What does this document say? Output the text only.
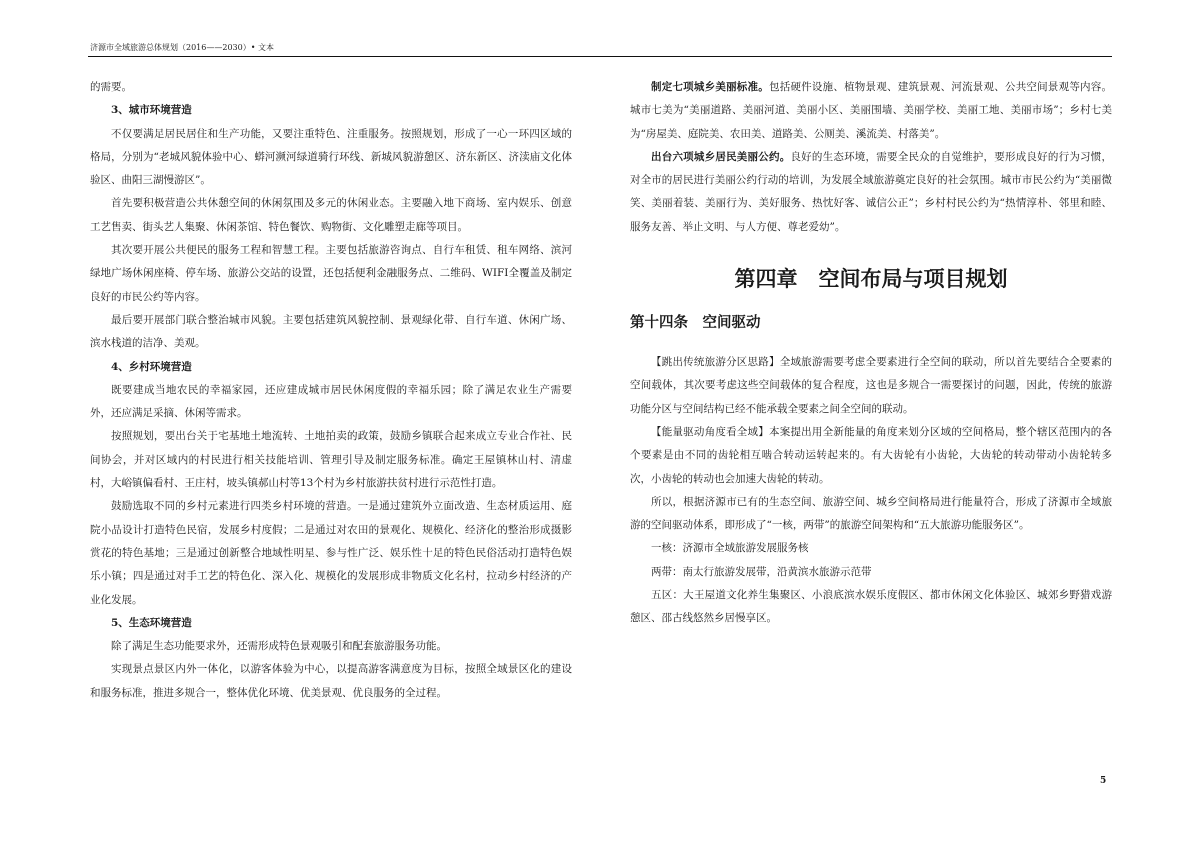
济源市全域旅游总体规划（2016——2030）• 文本

的需要。

3、城市环境营造

不仅要满足居民居住和生产功能，又要注重特色、注重服务。按照规划，形成了一心一环四区域的格局，分别为“老城风貌体验中心、蟒河濒河绿道骑行环线、新城风貌游憩区、济东新区、济渎庙文化体验区、曲阳三湖慢游区”。

首先要积极营造公共休憩空间的休闲氛围及多元的休闲业态。主要融入地下商场、室内娱乐、创意工艺售卖、街头艺人集聚、休闲茶馆、特色餐饮、购物街、文化雕塑走廊等项目。

其次要开展公共便民的服务工程和智慧工程。主要包括旅游咨询点、自行车租赁、租车网络、滨河绿地广场休闲座椅、停车场、旅游公交站的设置，还包括便利金融服务点、二维码、WIFI全覆盖及制定良好的市民公约等内容。

最后要开展部门联合整治城市风貌。主要包括建筑风貌控制、景观绿化带、自行车道、休闲广场、滨水栈道的洁净、美观。

4、乡村环境营造

既要建成当地农民的幸福家园，还应建成城市居民休闲度假的幸福乐园；除了满足农业生产需要外，还应满足采摘、休闲等需求。

按照规划，要出台关于宅基地土地流转、土地拍卖的政策，鼓励乡镇联合起来成立专业合作社、民间协会，并对区域内的村民进行相关技能培训、管理引导及制定服务标准。确定王屋镇林山村、清虚村，大峪镇偏看村、王庄村，坡头镇郝山村等13个村为乡村旅游扶贫村进行示范性打造。

鼓励选取不同的乡村元素进行四类乡村环境的营造。一是通过建筑外立面改造、生态材质运用、庭院小品设计打造特色民宿，发展乡村度假；二是通过对农田的景观化、规模化、经济化的整治形成摄影赏花的特色基地；三是通过创新整合地域性明星、参与性广泛、娱乐性十足的特色民俗活动打造特色娱乐小镇；四是通过对手工艺的特色化、深入化、规模化的发展形成非物质文化名村，拉动乡村经济的产业化发展。

5、生态环境营造

除了满足生态功能要求外，还需形成特色景观吸引和配套旅游服务功能。

实现景点景区内外一体化，以游客体验为中心，以提高游客满意度为目标，按照全域景区化的建设和服务标准，推进多规合一，整体优化环境、优美景观、优良服务的全过程。

制定七项城乡美丽标准。包括硬件设施、植物景观、建筑景观、河流景观、公共空间景观等内容。城市七美为“美丽道路、美丽河道、美丽小区、美丽围墙、美丽学校、美丽工地、美丽市场”；乡村七美为“房屋美、庭院美、农田美、道路美、公厕美、溪流美、村落美”。

出台六项城乡居民美丽公约。良好的生态环境，需要全民众的自觉维护，要形成良好的行为习惯，对全市的居民进行美丽公约行动的培训，为发展全域旅游奠定良好的社会氛围。城市市民公约为“美丽微笑、美丽着装、美丽行为、美好服务、热忱好客、诚信公正”；乡村村民公约为“热情淳朴、邻里和睦、服务友善、举止文明、与人方便、尊老爱幼”。

第四章　空间布局与项目规划
第十四条　空间驱动

【跳出传统旅游分区思路】全域旅游需要考虑全要素进行全空间的联动，所以首先要结合全要素的空间载体，其次要考虑这些空间载体的复合程度，这也是多规合一需要探讨的问题，因此，传统的旅游功能分区与空间结构已经不能承载全要素之间全空间的联动。

【能量驱动角度看全域】本案提出用全新能量的角度来划分区域的空间格局，整个辖区范围内的各个要素是由不同的齿轮相互啮合转动运转起来的。有大齿轮有小齿轮，大齿轮的转动带动小齿轮转多次，小齿轮的转动也会加速大齿轮的转动。

所以，根据济源市已有的生态空间、旅游空间、城乡空间格局进行能量符合，形成了济源市全域旅游的空间驱动体系，即形成了“一核，两带”的旅游空间架构和“五大旅游功能服务区”。

一核：济源市全域旅游发展服务核

两带：南太行旅游发展带，沿黄滨水旅游示范带

五区：大王屋道文化养生集聚区、小浪底滨水娱乐度假区、都市休闲文化体验区、城郊乡野猎戏游憩区、邵古线悠然乡居慢享区。

5
